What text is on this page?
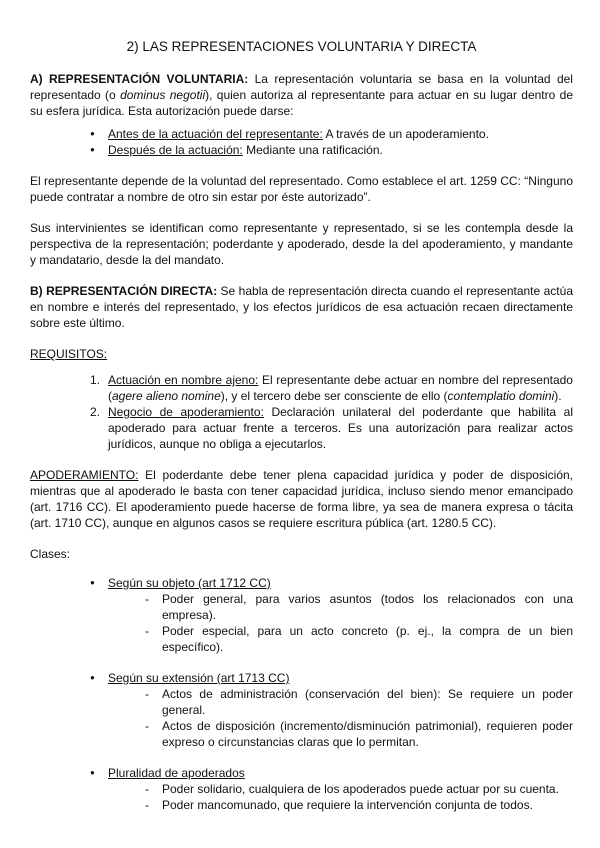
2) LAS REPRESENTACIONES VOLUNTARIA Y DIRECTA

A) REPRESENTACIÓN VOLUNTARIA: La representación voluntaria se basa en la voluntad del representado (o dominus negotii), quien autoriza al representante para actuar en su lugar dentro de su esfera jurídica. Esta autorización puede darse:

● Antes de la actuación del representante: A través de un apoderamiento.
● Después de la actuación: Mediante una ratificación.

El representante depende de la voluntad del representado. Como establece el art. 1259 CC: “Ninguno puede contratar a nombre de otro sin estar por éste autorizado”.

Sus intervinientes se identifican como representante y representado, si se les contempla desde la perspectiva de la representación; poderdante y apoderado, desde la del apoderamiento, y mandante y mandatario, desde la del mandato.

B) REPRESENTACIÓN DIRECTA: Se habla de representación directa cuando el representante actúa en nombre e interés del representado, y los efectos jurídicos de esa actuación recaen directamente sobre este último.

REQUISITOS:

1. Actuación en nombre ajeno: El representante debe actuar en nombre del representado (agere alieno nomine), y el tercero debe ser consciente de ello (contemplatio domini).
2. Negocio de apoderamiento: Declaración unilateral del poderdante que habilita al apoderado para actuar frente a terceros. Es una autorización para realizar actos jurídicos, aunque no obliga a ejecutarlos.

APODERAMIENTO: El poderdante debe tener plena capacidad jurídica y poder de disposición, mientras que al apoderado le basta con tener capacidad jurídica, incluso siendo menor emancipado (art. 1716 CC). El apoderamiento puede hacerse de forma libre, ya sea de manera expresa o tácita (art. 1710 CC), aunque en algunos casos se requiere escritura pública (art. 1280.5 CC).

Clases:

● Según su objeto (art 1712 CC)
- Poder general, para varios asuntos (todos los relacionados con una empresa).
- Poder especial, para un acto concreto (p. ej., la compra de un bien específico).
● Según su extensión (art 1713 CC)
- Actos de administración (conservación del bien): Se requiere un poder general.
- Actos de disposición (incremento/disminución patrimonial), requieren poder expreso o circunstancias claras que lo permitan.
● Pluralidad de apoderados
- Poder solidario, cualquiera de los apoderados puede actuar por su cuenta.
- Poder mancomunado, que requiere la intervención conjunta de todos.
